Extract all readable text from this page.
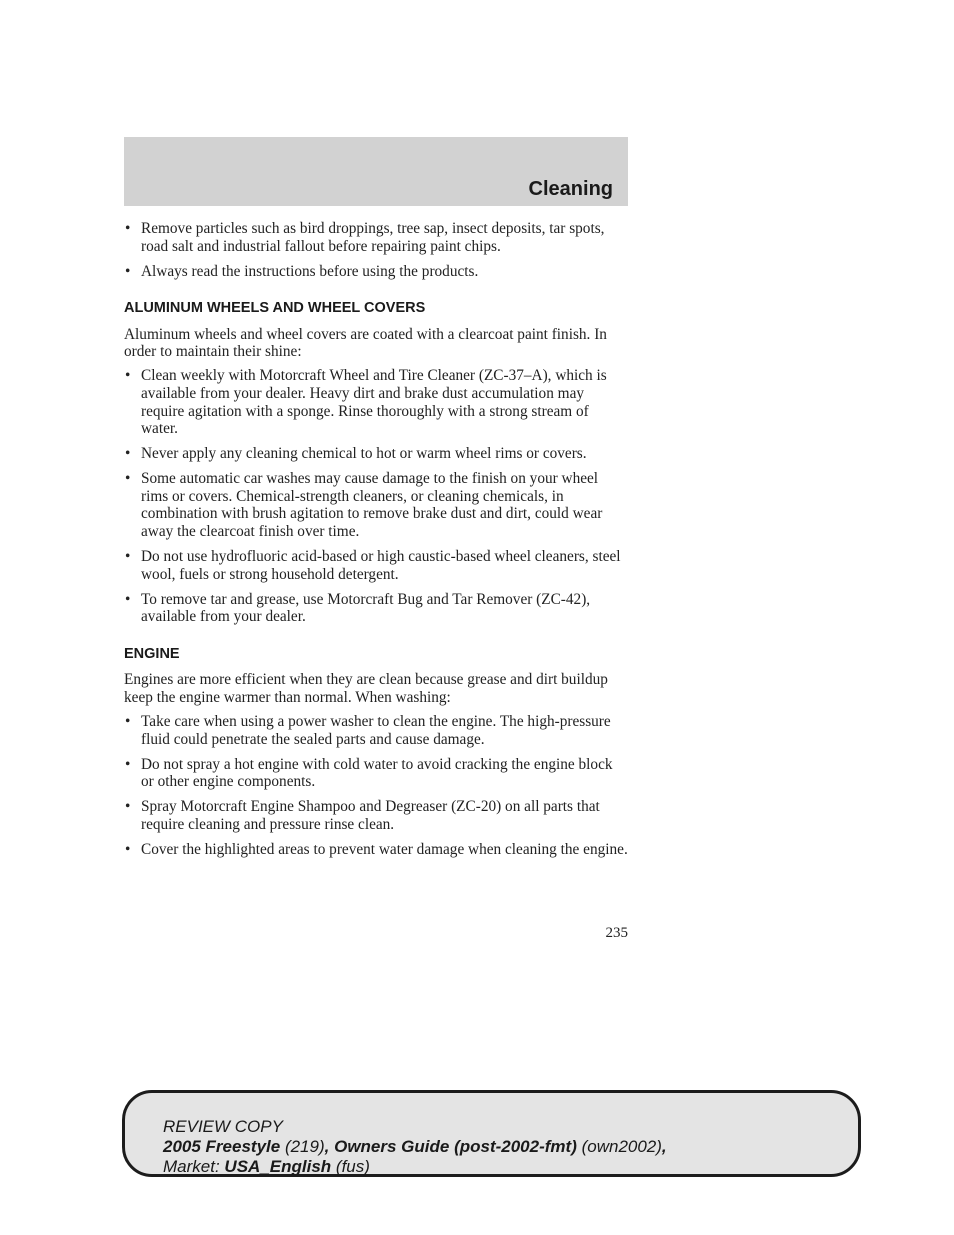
Cleaning
• Remove particles such as bird droppings, tree sap, insect deposits, tar spots, road salt and industrial fallout before repairing paint chips.
• Always read the instructions before using the products.
ALUMINUM WHEELS AND WHEEL COVERS

Aluminum wheels and wheel covers are coated with a clearcoat paint finish. In order to maintain their shine:

• Clean weekly with Motorcraft Wheel and Tire Cleaner (ZC-37–A), which is available from your dealer. Heavy dirt and brake dust accumulation may require agitation with a sponge. Rinse thoroughly with a strong stream of water.
• Never apply any cleaning chemical to hot or warm wheel rims or covers.
• Some automatic car washes may cause damage to the finish on your wheel rims or covers. Chemical-strength cleaners, or cleaning chemicals, in combination with brush agitation to remove brake dust and dirt, could wear away the clearcoat finish over time.
• Do not use hydrofluoric acid-based or high caustic-based wheel cleaners, steel wool, fuels or strong household detergent.
• To remove tar and grease, use Motorcraft Bug and Tar Remover (ZC-42), available from your dealer.
ENGINE

Engines are more efficient when they are clean because grease and dirt buildup keep the engine warmer than normal. When washing:

• Take care when using a power washer to clean the engine. The high-pressure fluid could penetrate the sealed parts and cause damage.
• Do not spray a hot engine with cold water to avoid cracking the engine block or other engine components.
• Spray Motorcraft Engine Shampoo and Degreaser (ZC-20) on all parts that require cleaning and pressure rinse clean.
• Cover the highlighted areas to prevent water damage when cleaning the engine.
235
REVIEW COPY
2005 Freestyle (219), Owners Guide (post-2002-fmt) (own2002),
Market: USA_English (fus)
